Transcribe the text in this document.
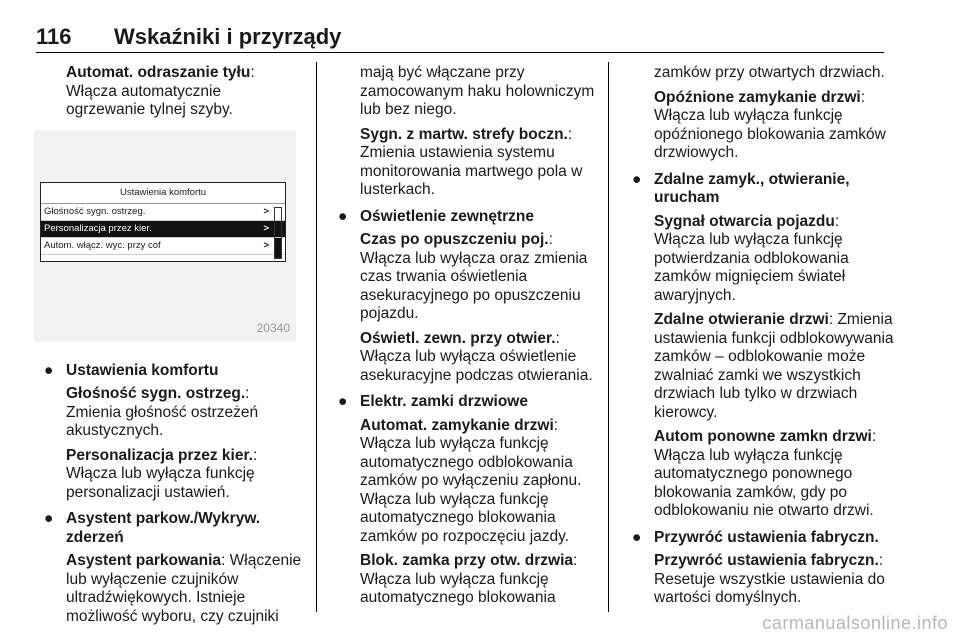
116 Wskaźniki i przyrządy

Automat. odraszanie tyłu: Włącza automatycznie ogrzewanie tylnej szyby.

Ustawienia komfortu
Głośność sygn. ostrzeg.	>
Personalizacja przez kier.	>
Autom. włącz. wyc. przy cof	>
20340
● Ustawienia komfortu

Głośność sygn. ostrzeg.: Zmienia głośność ostrzeżeń akustycznych.

Personalizacja przez kier.: Włącza lub wyłącza funkcję personalizacji ustawień.

● Asystent parkow./Wykryw. zderzeń

Asystent parkowania: Włączenie lub wyłączenie czujników ultradźwiękowych. Istnieje możliwość wyboru, czy czujniki

mają być włączane przy zamocowanym haku holowniczym lub bez niego.

Sygn. z martw. strefy boczn.: Zmienia ustawienia systemu monitorowania martwego pola w lusterkach.

● Oświetlenie zewnętrzne

Czas po opuszczeniu poj.: Włącza lub wyłącza oraz zmienia czas trwania oświetlenia asekuracyjnego po opuszczeniu pojazdu.

Oświetl. zewn. przy otwier.: Włącza lub wyłącza oświetlenie asekuracyjne podczas otwierania.

● Elektr. zamki drzwiowe

Automat. zamykanie drzwi: Włącza lub wyłącza funkcję automatycznego odblokowania zamków po wyłączeniu zapłonu. Włącza lub wyłącza funkcję automatycznego blokowania zamków po rozpoczęciu jazdy.

Blok. zamka przy otw. drzwia: Włącza lub wyłącza funkcję automatycznego blokowania

zamków przy otwartych drzwiach.

Opóźnione zamykanie drzwi: Włącza lub wyłącza funkcję opóźnionego blokowania zamków drzwiowych.

● Zdalne zamyk., otwieranie, urucham

Sygnał otwarcia pojazdu: Włącza lub wyłącza funkcję potwierdzania odblokowania zamków mignięciem świateł awaryjnych.

Zdalne otwieranie drzwi: Zmienia ustawienia funkcji odblokowywania zamków – odblokowanie może zwalniać zamki we wszystkich drzwiach lub tylko w drzwiach kierowcy.

Autom ponowne zamkn drzwi: Włącza lub wyłącza funkcję automatycznego ponownego blokowania zamków, gdy po odblokowaniu nie otwarto drzwi.

● Przywróć ustawienia fabryczn.

Przywróć ustawienia fabryczn.: Resetuje wszystkie ustawienia do wartości domyślnych.

carmanualsonline.info
